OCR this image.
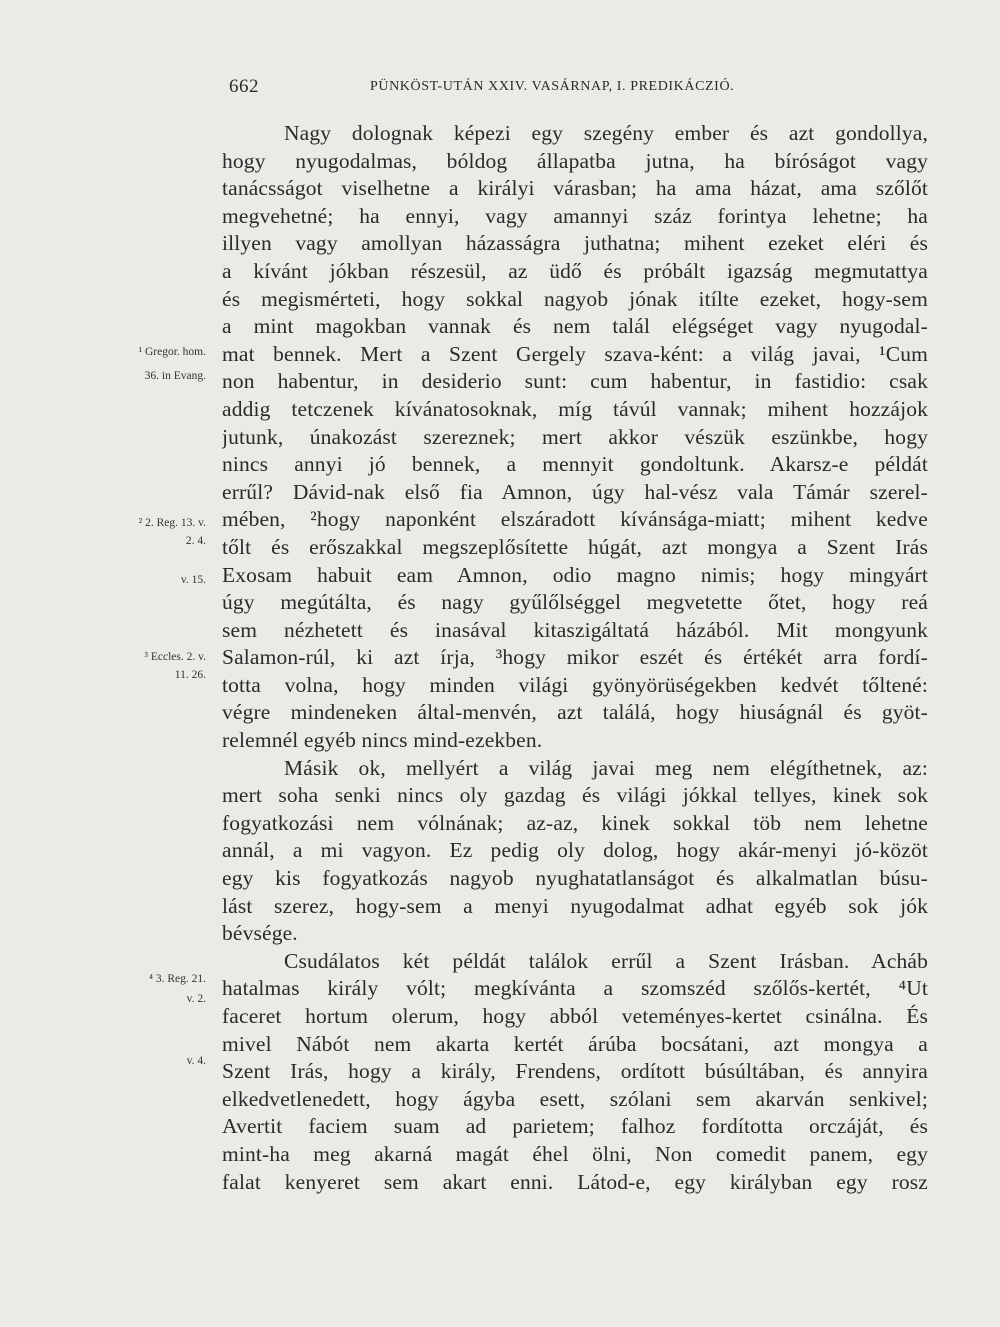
662	PÜNKÖST-UTÁN XXIV. VASÁRNAP, I. PREDIKÁCZIÓ.
¹ Gregor. hom.
36. in Evang.
² 2. Reg. 13. v.
2. 4.
v. 15.
³ Eccles. 2. v.
11. 26.
⁴ 3. Reg. 21.
v. 2.
v. 4.
Nagy dolognak képezi egy szegény ember és azt gondollya,
hogy nyugodalmas, bóldog állapatba jutna, ha bíróságot vagy
tanácsságot viselhetne a királyi várasban; ha ama házat, ama szőlőt
megvehetné; ha ennyi, vagy amannyi száz forintya lehetne; ha
illyen vagy amollyan házasságra juthatna; mihent ezeket eléri és
a kívánt jókban részesül, az üdő és próbált igazság megmutattya
és megismérteti, hogy sokkal nagyob jónak itílte ezeket, hogy-sem
a mint magokban vannak és nem talál elégséget vagy nyugodal-
mat bennek. Mert a Szent Gergely szava-ként: a világ javai, ¹Cum
non habentur, in desiderio sunt: cum habentur, in fastidio: csak
addig tetczenek kívánatosoknak, míg távúl vannak; mihent hozzájok
jutunk, únakozást szereznek; mert akkor vészük eszünkbe, hogy
nincs annyi jó bennek, a mennyit gondoltunk. Akarsz-e példát
errűl? Dávid-nak első fia Amnon, úgy hal-vész vala Támár szerel-
mében, ²hogy naponként elszáradott kívánsága-miatt; mihent kedve
tőlt és erőszakkal megszeplősítette húgát, azt mongya a Szent Irás
Exosam habuit eam Amnon, odio magno nimis; hogy mingyárt
úgy megútálta, és nagy gyűlőlséggel megvetette őtet, hogy reá
sem nézhetett és inasával kitaszigáltatá házából. Mit mongyunk
Salamon-rúl, ki azt írja, ³hogy mikor eszét és értékét arra fordí-
totta volna, hogy minden világi gyönyörüségekben kedvét tőltené:
végre mindeneken által-menvén, azt találá, hogy hiuságnál és gyöt-
relemnél egyéb nincs mind-ezekben.
Másik ok, mellyért a világ javai meg nem elégíthetnek, az:
mert soha senki nincs oly gazdag és világi jókkal tellyes, kinek sok
fogyatkozási nem vólnának; az-az, kinek sokkal töb nem lehetne
annál, a mi vagyon. Ez pedig oly dolog, hogy akár-menyi jó-közöt
egy kis fogyatkozás nagyob nyughatatlanságot és alkalmatlan búsu-
lást szerez, hogy-sem a menyi nyugodalmat adhat egyéb sok jók
bévsége.
Csudálatos két példát találok errűl a Szent Irásban. Acháb
hatalmas király vólt; megkívánta a szomszéd szőlős-kertét, ⁴Ut
faceret hortum olerum, hogy abból veteményes-kertet csinálna. És
mivel Nábót nem akarta kertét árúba bocsátani, azt mongya a
Szent Irás, hogy a király, Frendens, ordított búsúltában, és annyira
elkedvetlenedett, hogy ágyba esett, szólani sem akarván senkivel;
Avertit faciem suam ad parietem; falhoz fordította orczáját, és
mint-ha meg akarná magát éhel ölni, Non comedit panem, egy
falat kenyeret sem akart enni. Látod-e, egy királyban egy rosz
